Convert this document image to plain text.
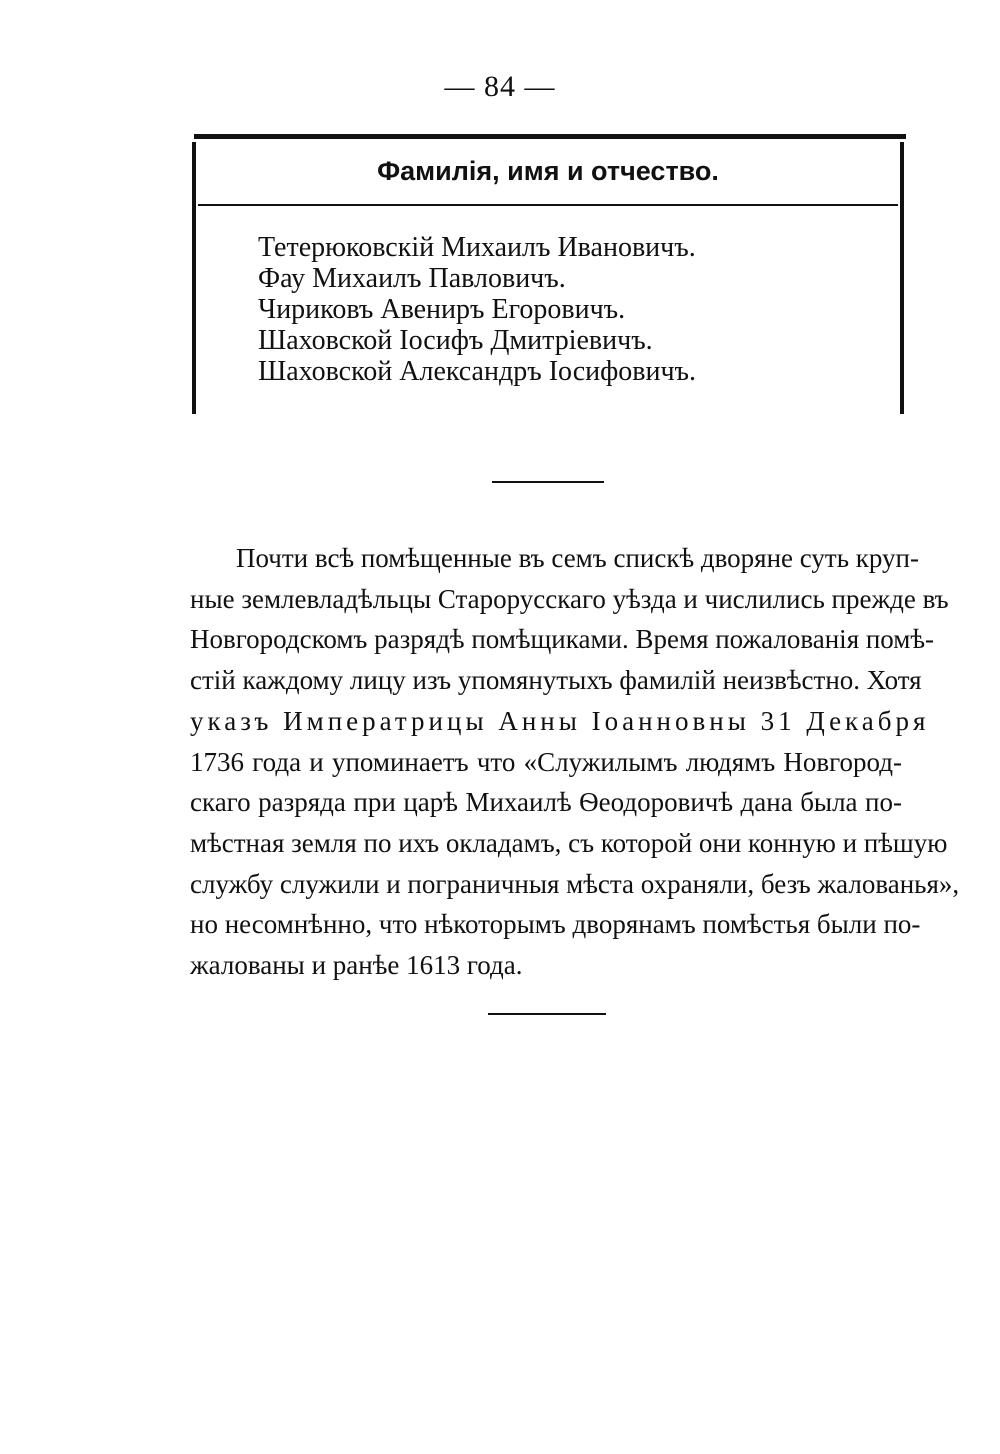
— 84 —
Фамилія, имя и отчество.
Тетерюковскій Михаилъ Ивановичъ.
Фау Михаилъ Павловичъ.
Чириковъ Авениръ Егоровичъ.
Шаховской Іосифъ Дмитріевичъ.
Шаховской Александръ Іосифовичъ.
Почти всѣ помѣщенные въ семъ спискѣ дворяне суть круп-
ные землевладѣльцы Старорусскаго уѣзда и числились прежде въ
Новгородскомъ разрядѣ помѣщиками. Время пожалованія помѣ-
стій каждому лицу изъ упомянутыхъ фамилій неизвѣстно. Хотя
указъ Императрицы Анны Іоанновны 31 Декабря
1736 года и упоминаетъ что «Служилымъ людямъ Новгород-
скаго разряда при царѣ Михаилѣ Ѳеодоровичѣ дана была по-
мѣстная земля по ихъ окладамъ, съ которой они конную и пѣшую
службу служили и пограничныя мѣста охраняли, безъ жалованья»,
но несомнѣнно, что нѣкоторымъ дворянамъ помѣстья были по-
жалованы и ранѣе 1613 года.
